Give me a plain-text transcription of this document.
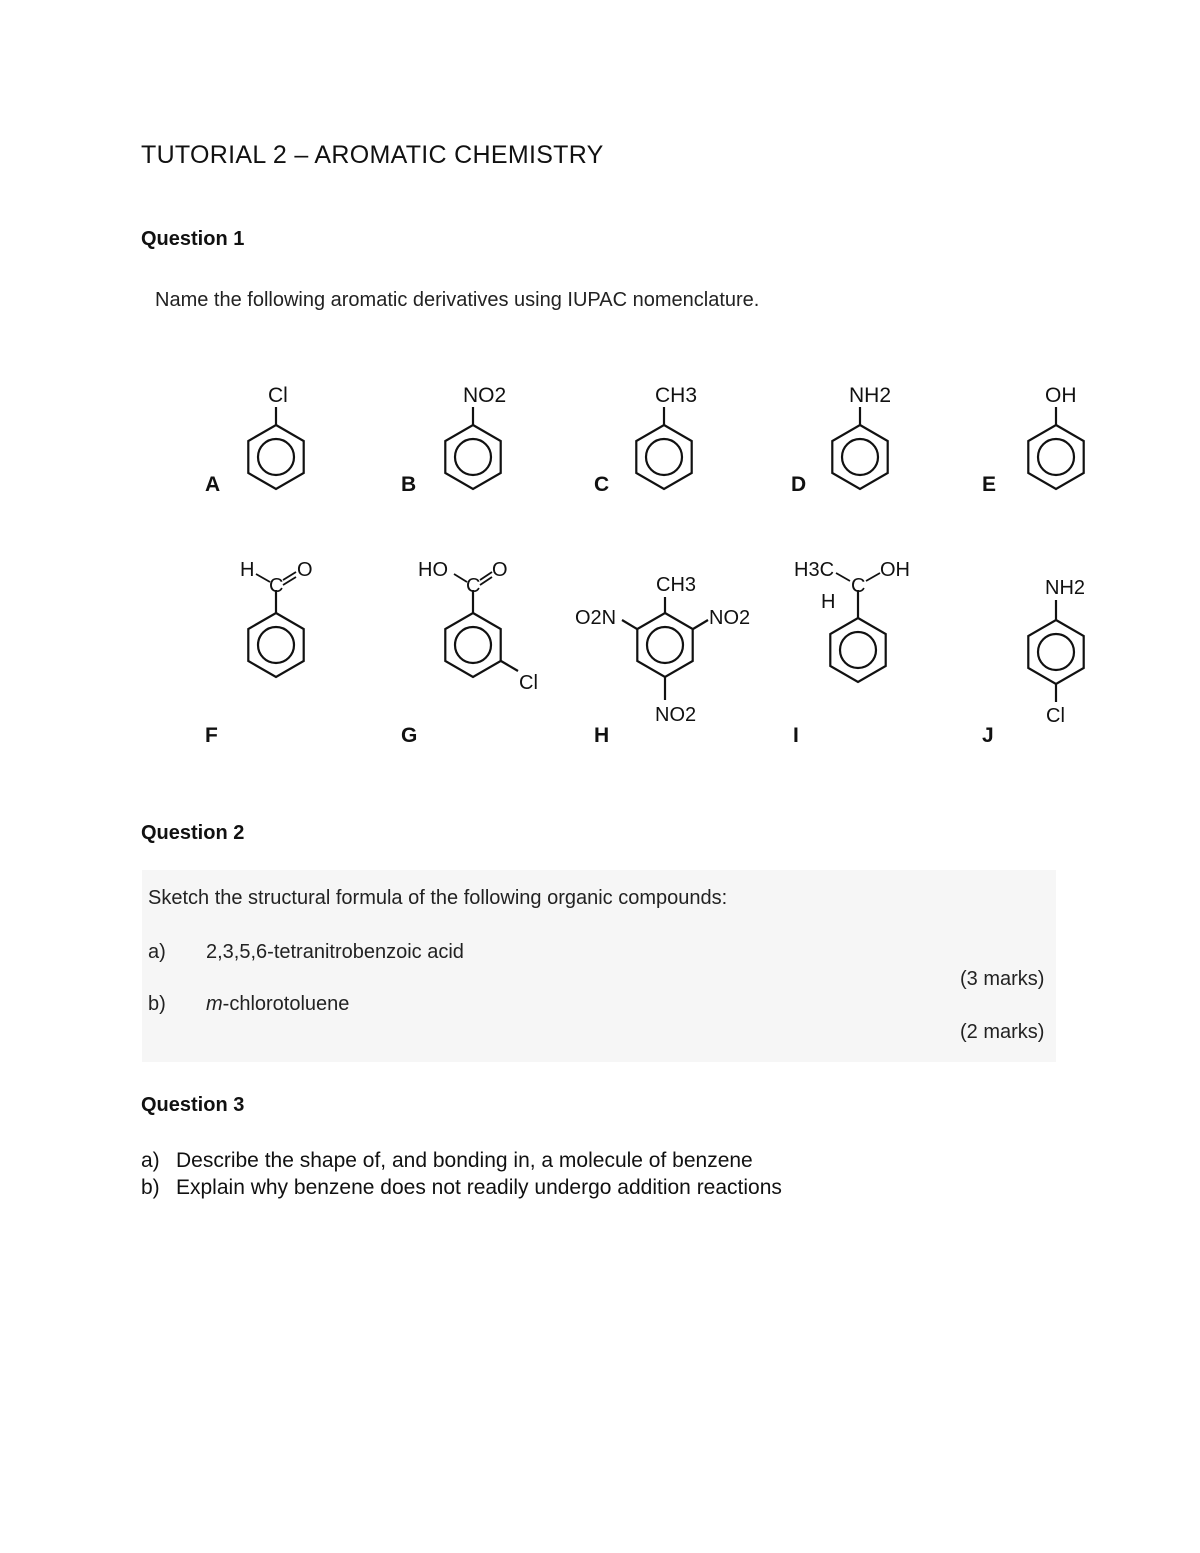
TUTORIAL 2 – AROMATIC CHEMISTRY
Question 1
Name the following aromatic derivatives using IUPAC nomenclature.
Cl
A
NO2
B
CH3
C
NH2
D
OH
E
H
C
O
F
HO
C
O
Cl
G
CH3
O2N	NO2
NO2
H
H3C
C
OH
H
I
NH2
Cl
J
Question 2
Sketch the structural formula of the following organic compounds:
a) 2,3,5,6-tetranitrobenzoic acid
(3 marks)
b) m-chlorotoluene
(2 marks)
Question 3
a) Describe the shape of, and bonding in, a molecule of benzene
b) Explain why benzene does not readily undergo addition reactions
